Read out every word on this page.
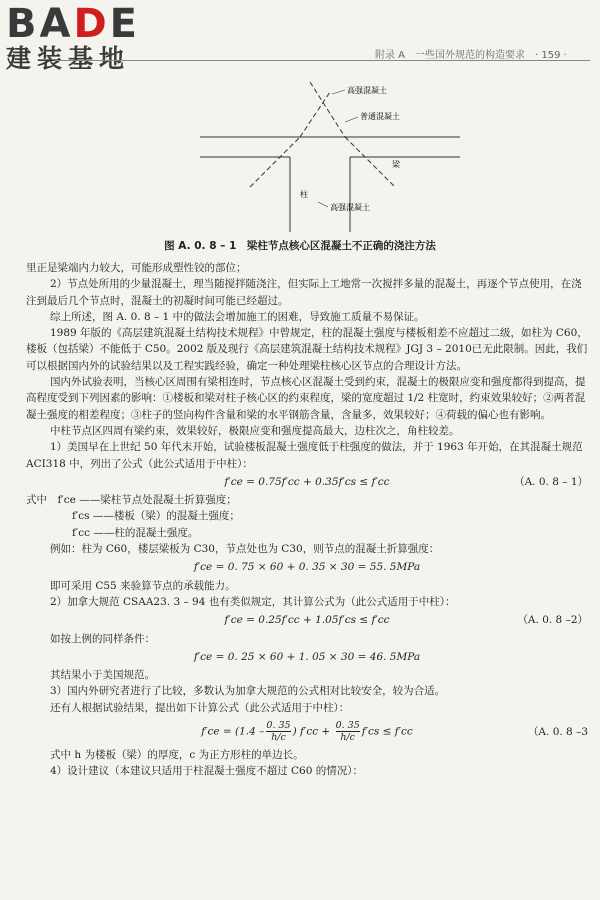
BADE
建装基地	附录 A　一些国外规范的构造要求　· 159 ·
高强混凝土
普通混凝土
梁
柱
高强混凝土
图 A. 0. 8 – 1　梁柱节点核心区混凝土不正确的浇注方法

里正是梁端内力较大，可能形成塑性铰的部位；

2）节点处所用的少量混凝土，理当随搅拌随浇注，但实际上工地常一次搅拌多量的混凝土，再逐个节点使用，在浇注到最后几个节点时，混凝土的初凝时间可能已经超过。

综上所述，图 A. 0. 8 – 1 中的做法会增加施工的困难，导致施工质量不易保证。

1989 年版的《高层建筑混凝土结构技术规程》中曾规定，柱的混凝土强度与楼板相差不应超过二级，如柱为 C60，楼板（包括梁）不能低于 C50。2002 版及现行《高层建筑混凝土结构技术规程》JGJ 3 – 2010已无此限制。因此，我们可以根据国内外的试验结果以及工程实践经验，确定一种处理梁柱核心区节点的合理设计方法。

国内外试验表明，当核心区周围有梁相连时，节点核心区混凝土受到约束，混凝土的极限应变和强度都得到提高，提高程度受到下列因素的影响：①楼板和梁对柱子核心区的约束程度，梁的宽度超过 1/2 柱宽时，约束效果较好；②两者混凝土强度的相差程度；③柱子的竖向构件含量和梁的水平钢筋含量，含量多，效果较好；④荷载的偏心也有影响。

中柱节点区四周有梁约束，效果较好，极限应变和强度提高最大，边柱次之，角柱较差。

1）美国早在上世纪 50 年代末开始，试验楼板混凝土强度低于柱强度的做法，并于 1963 年开始，在其混凝土规范 ACI318 中，列出了公式（此公式适用于中柱）：

f′ce = 0.75f′cc + 0.35f′cs ≤ f′cc	（A. 0. 8 – 1）

式中　 f′ce ——梁柱节点处混凝土折算强度；

f′cs ——楼板（梁）的混凝土强度；

f′cc ——柱的混凝土强度。

例如：柱为 C60，楼层梁板为 C30，节点处也为 C30，则节点的混凝土折算强度：

f′ce = 0. 75 × 60 + 0. 35 × 30 = 55. 5MPa

即可采用 C55 来验算节点的承载能力。

2）加拿大规范 CSAA23. 3 – 94 也有类似规定，其计算公式为（此公式适用于中柱）：

f′ce = 0.25f′cc + 1.05f′cs ≤ f′cc	（A. 0. 8 –2）

如按上例的同样条件：

f′ce = 0. 25 × 60 + 1. 05 × 30 = 46. 5MPa

其结果小于美国规范。

3）国内外研究者进行了比较，多数认为加拿大规范的公式相对比较安全，较为合适。

还有人根据试验结果，提出如下计算公式（此公式适用于中柱）：

$f'ce = (1.4 - \frac{0. 35}{h/c}$ ) $f'cc + \frac{0. 35}{h/c} f'cs \le f'cc$	（A. 0. 8 –3

式中 h 为楼板（梁）的厚度，c 为正方形柱的单边长。

4）设计建议（本建议只适用于柱混凝土强度不超过 C60 的情况）：
